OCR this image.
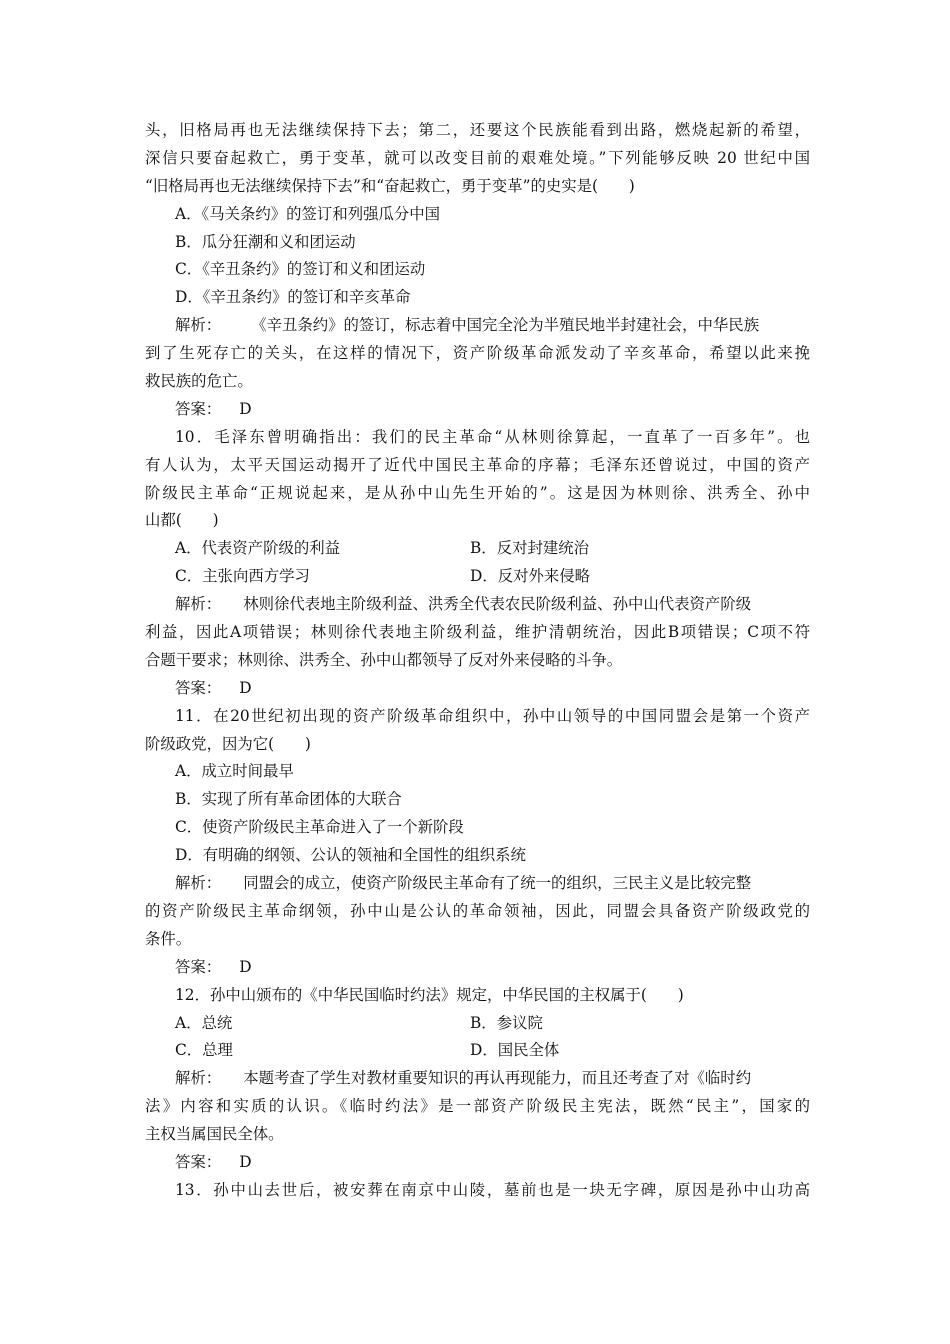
头，旧格局再也无法继续保持下去；第二，还要这个民族能看到出路，燃烧起新的希望，
深信只要奋起救亡，勇于变革，就可以改变目前的艰难处境。”下列能够反映 20 世纪中国
“旧格局再也无法继续保持下去”和“奋起救亡，勇于变革”的史实是(　　)
A．《马关条约》的签订和列强瓜分中国
B．瓜分狂潮和义和团运动
C．《辛丑条约》的签订和义和团运动
D．《辛丑条约》的签订和辛亥革命
解析： 《辛丑条约》的签订，标志着中国完全沦为半殖民地半封建社会，中华民族
到了生死存亡的关头，在这样的情况下，资产阶级革命派发动了辛亥革命，希望以此来挽
救民族的危亡。
答案： D
10．毛泽东曾明确指出：我们的民主革命“从林则徐算起，一直革了一百多年”。也
有人认为，太平天国运动揭开了近代中国民主革命的序幕；毛泽东还曾说过，中国的资产
阶级民主革命“正规说起来，是从孙中山先生开始的”。这是因为林则徐、洪秀全、孙中
山都(　　)
A．代表资产阶级的利益	B．反对封建统治
C．主张向西方学习	D．反对外来侵略
解析： 林则徐代表地主阶级利益、洪秀全代表农民阶级利益、孙中山代表资产阶级
利益，因此A项错误；林则徐代表地主阶级利益，维护清朝统治，因此B项错误；C项不符
合题干要求；林则徐、洪秀全、孙中山都领导了反对外来侵略的斗争。
答案： D
11．在20世纪初出现的资产阶级革命组织中，孙中山领导的中国同盟会是第一个资产
阶级政党，因为它(　　)
A．成立时间最早
B．实现了所有革命团体的大联合
C．使资产阶级民主革命进入了一个新阶段
D．有明确的纲领、公认的领袖和全国性的组织系统
解析： 同盟会的成立，使资产阶级民主革命有了统一的组织，三民主义是比较完整
的资产阶级民主革命纲领，孙中山是公认的革命领袖，因此，同盟会具备资产阶级政党的
条件。
答案： D
12．孙中山颁布的《中华民国临时约法》规定，中华民国的主权属于(　　)
A．总统	B．参议院
C．总理	D．国民全体
解析： 本题考查了学生对教材重要知识的再认再现能力，而且还考查了对《临时约
法》内容和实质的认识。《临时约法》是一部资产阶级民主宪法，既然“民主”，国家的
主权当属国民全体。
答案： D
13．孙中山去世后，被安葬在南京中山陵，墓前也是一块无字碑，原因是孙中山功高
